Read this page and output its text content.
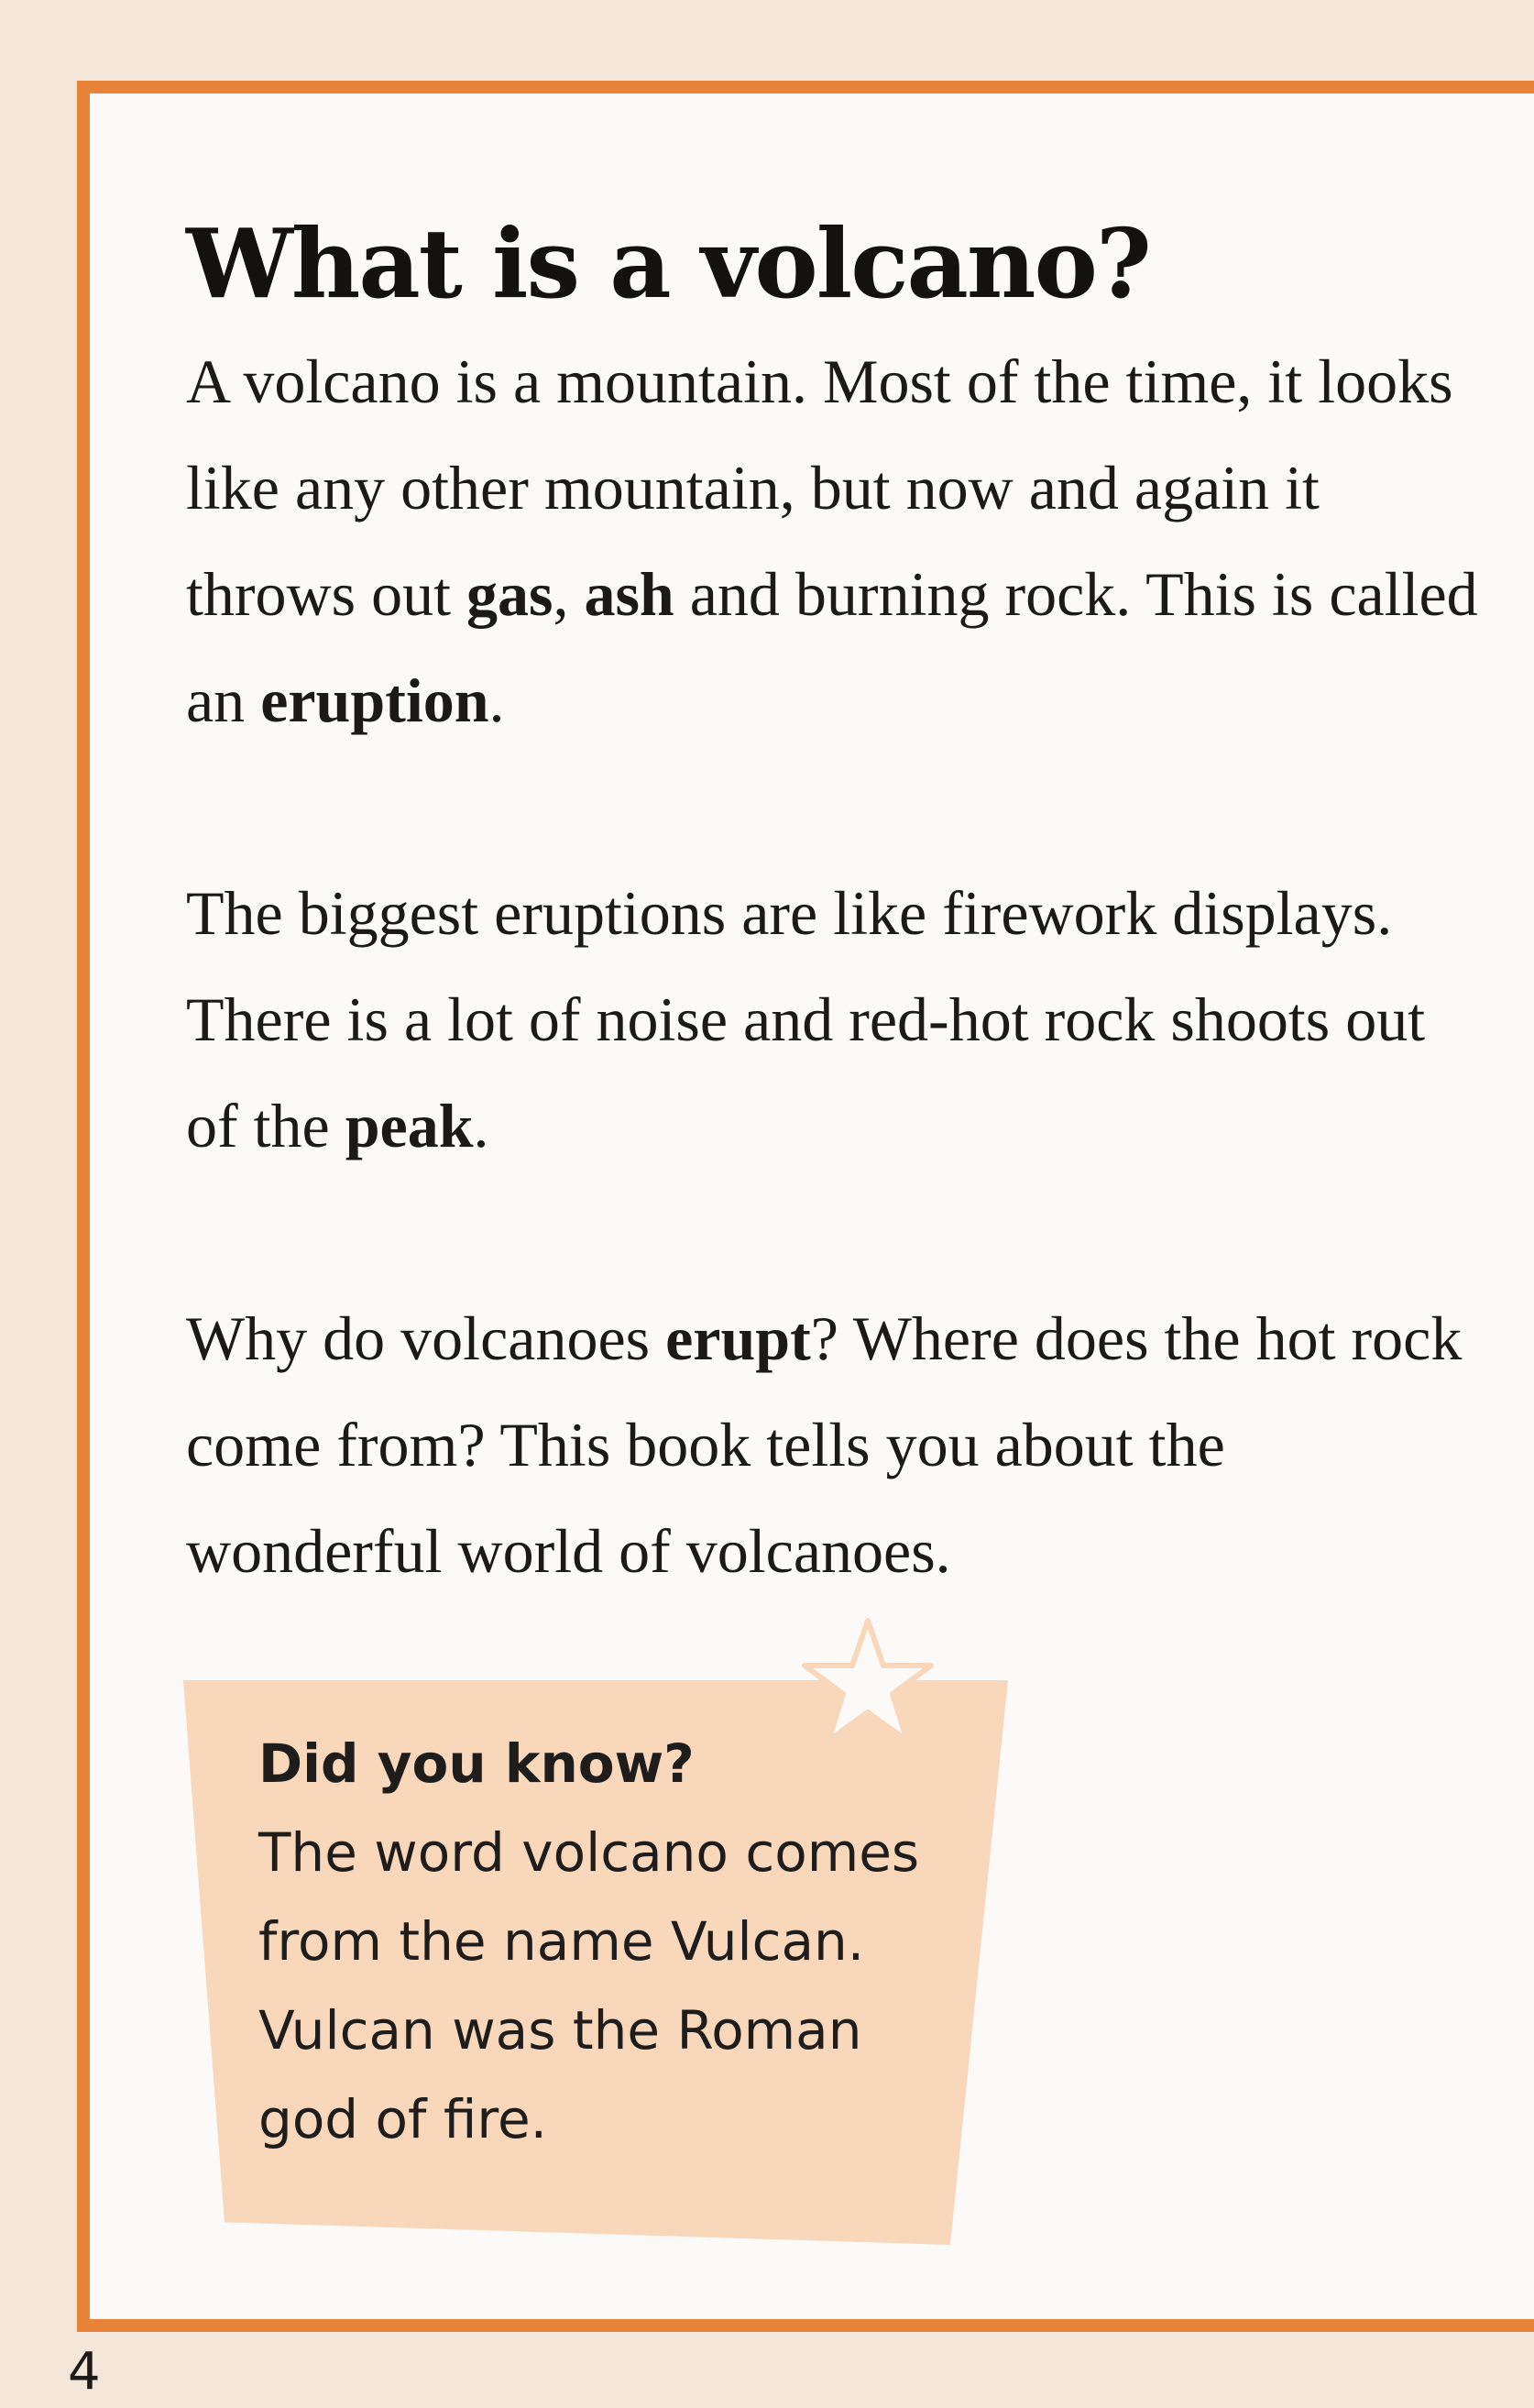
What is a volcano?

A volcano is a mountain. Most of the time, it looks like any other mountain, but now and again it throws out gas, ash and burning rock. This is called an eruption.

The biggest eruptions are like firework displays. There is a lot of noise and red-hot rock shoots out of the peak.

Why do volcanoes erupt? Where does the hot rock come from? This book tells you about the wonderful world of volcanoes.

Did you know?
The word volcano comes from the name Vulcan. Vulcan was the Roman god of fire.
4
